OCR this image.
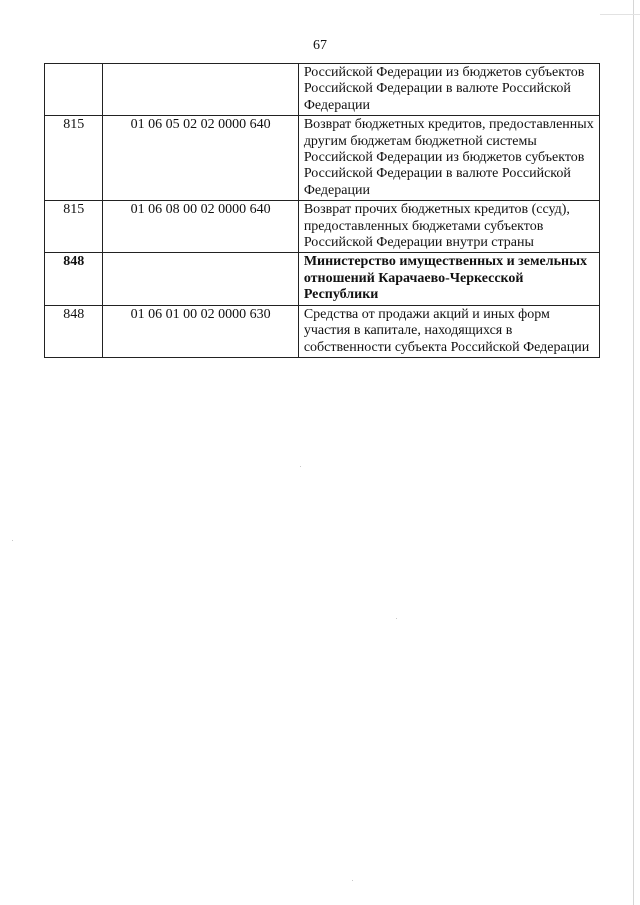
67
		Российской Федерации из бюджетов субъектов Российской Федерации в валюте Российской Федерации
815	01 06 05 02 02 0000 640	Возврат бюджетных кредитов, предоставленных другим бюджетам бюджетной системы Российской Федерации из бюджетов субъектов Российской Федерации в валюте Российской Федерации
815	01 06 08 00 02 0000 640	Возврат прочих бюджетных кредитов (ссуд), предоставленных бюджетами субъектов Российской Федерации внутри страны
848		Министерство имущественных и земельных отношений Карачаево-Черкесской Республики
848	01 06 01 00 02 0000 630	Средства от продажи акций и иных форм участия в капитале, находящихся в собственности субъекта Российской Федерации
